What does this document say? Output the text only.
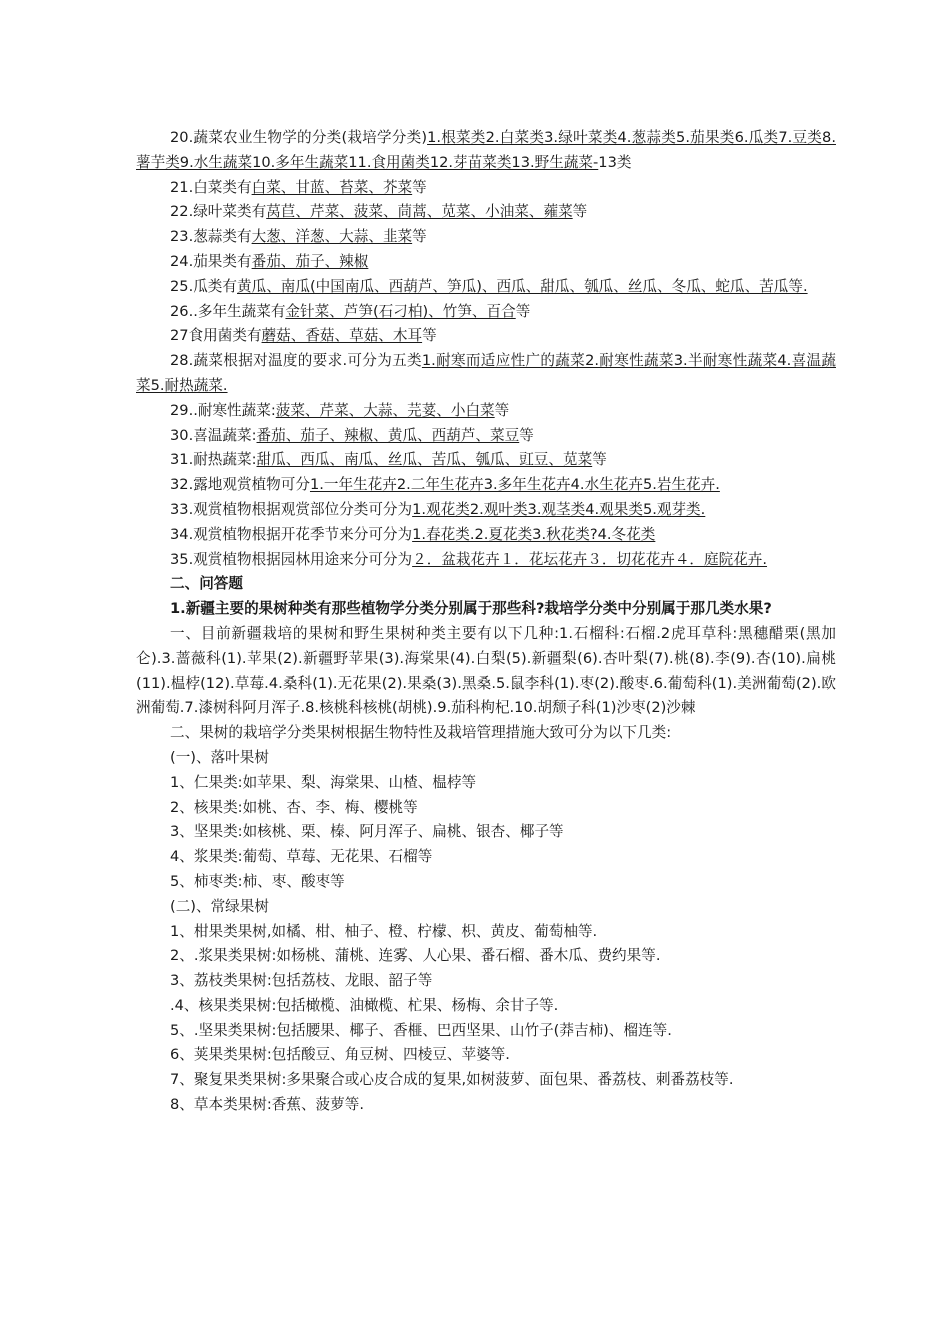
20.蔬菜农业生物学的分类(栽培学分类)1.根菜类2.白菜类3.绿叶菜类4.葱蒜类5.茄果类6.瓜类7.豆类8.薯芋类9.水生蔬菜10.多年生蔬菜11.食用菌类12.芽苗菜类13.野生蔬菜-13类

21.白菜类有白菜、甘蓝、苔菜、芥菜等

22.绿叶菜类有莴苣、芹菜、菠菜、茼蒿、苋菜、小油菜、蕹菜等

23.葱蒜类有大葱、洋葱、大蒜、韭菜等

24.茄果类有番茄、茄子、辣椒

25.瓜类有黄瓜、南瓜(中国南瓜、西葫芦、笋瓜)、西瓜、甜瓜、瓠瓜、丝瓜、冬瓜、蛇瓜、苦瓜等.

26..多年生蔬菜有金针菜、芦笋(石刁柏)、竹笋、百合等

27食用菌类有蘑菇、香菇、草菇、木耳等

28.蔬菜根据对温度的要求.可分为五类1.耐寒而适应性广的蔬菜2.耐寒性蔬菜3.半耐寒性蔬菜4.喜温蔬菜5.耐热蔬菜.

29..耐寒性蔬菜:菠菜、芹菜、大蒜、芫荽、小白菜等

30.喜温蔬菜:番茄、茄子、辣椒、黄瓜、西葫芦、菜豆等

31.耐热蔬菜:甜瓜、西瓜、南瓜、丝瓜、苦瓜、瓠瓜、豇豆、苋菜等

32.露地观赏植物可分1.一年生花卉2.二年生花卉3.多年生花卉4.水生花卉5.岩生花卉.

33.观赏植物根据观赏部位分类可分为1.观花类2.观叶类3.观茎类4.观果类5.观芽类.

34.观赏植物根据开花季节来分可分为1.春花类.2.夏花类3.秋花类?4.冬花类

35.观赏植物根据园林用途来分可分为２．盆栽花卉１．花坛花卉３．切花花卉４．庭院花卉.

二、问答题

1.新疆主要的果树种类有那些植物学分类分别属于那些科?栽培学分类中分别属于那几类水果?

一、目前新疆栽培的果树和野生果树种类主要有以下几种:1.石榴科:石榴.2虎耳草科:黑穗醋栗(黑加仑).3.蔷薇科(1).苹果(2).新疆野苹果(3).海棠果(4).白梨(5).新疆梨(6).杏叶梨(7).桃(8).李(9).杏(10).扁桃(11).榅桲(12).草莓.4.桑科(1).无花果(2).果桑(3).黑桑.5.鼠李科(1).枣(2).酸枣.6.葡萄科(1).美洲葡萄(2).欧洲葡萄.7.漆树科阿月浑子.8.核桃科核桃(胡桃).9.茄科枸杞.10.胡颓子科(1)沙枣(2)沙棘

二、果树的栽培学分类果树根据生物特性及栽培管理措施大致可分为以下几类:

(一)、落叶果树

1、仁果类:如苹果、梨、海棠果、山楂、榅桲等

2、核果类:如桃、杏、李、梅、樱桃等

3、坚果类:如核桃、栗、榛、阿月浑子、扁桃、银杏、椰子等

4、浆果类:葡萄、草莓、无花果、石榴等

5、柿枣类:柿、枣、酸枣等

(二)、常绿果树

1、柑果类果树,如橘、柑、柚子、橙、柠檬、枳、黄皮、葡萄柚等.

2、.浆果类果树:如杨桃、蒲桃、连雾、人心果、番石榴、番木瓜、费约果等.

3、荔枝类果树:包括荔枝、龙眼、韶子等

.4、核果类果树:包括橄榄、油橄榄、杧果、杨梅、余甘子等.

5、.坚果类果树:包括腰果、椰子、香榧、巴西坚果、山竹子(莽吉柿)、榴连等.

6、荚果类果树:包括酸豆、角豆树、四棱豆、苹婆等.

7、聚复果类果树:多果聚合或心皮合成的复果,如树菠萝、面包果、番荔枝、刺番荔枝等.

8、草本类果树:香蕉、菠萝等.
